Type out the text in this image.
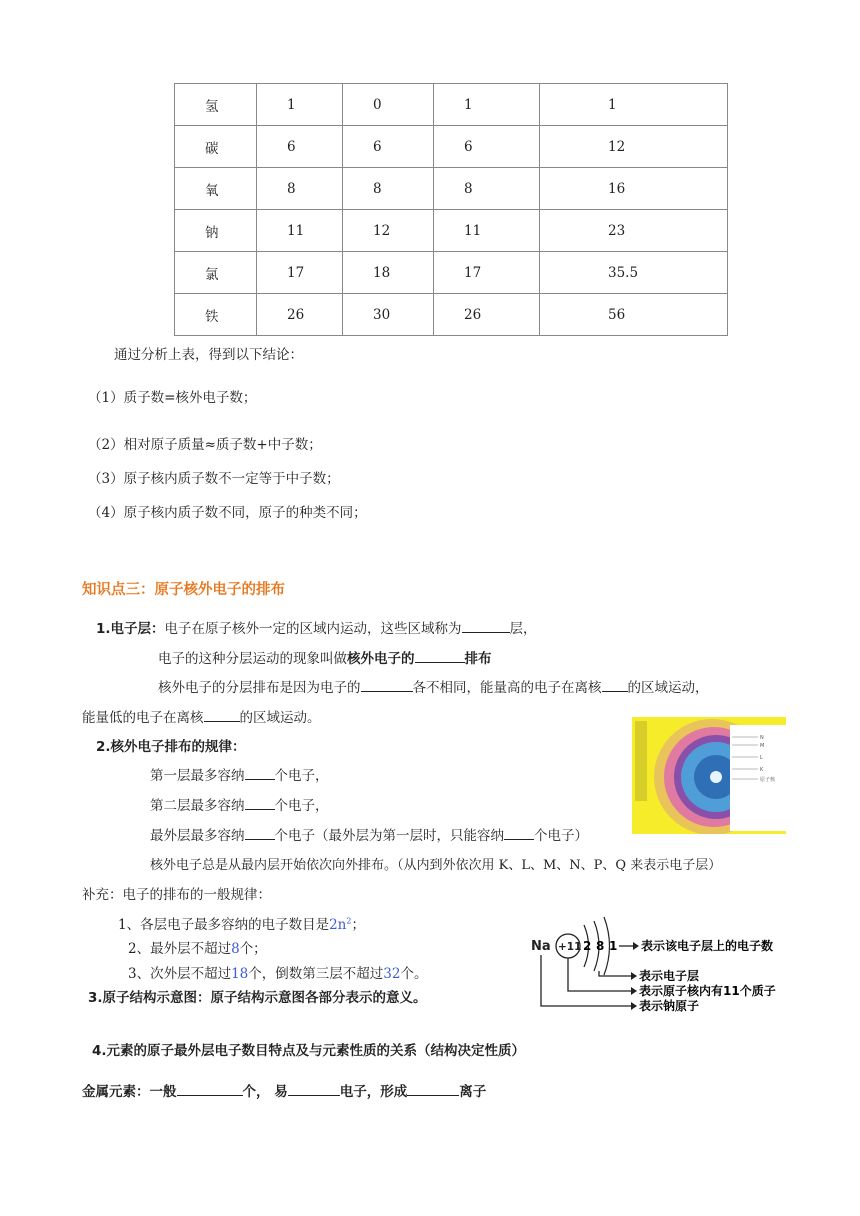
氢	1	0	1	1
碳	6	6	6	12
氧	8	8	8	16
钠	11	12	11	23
氯	17	18	17	35.5
铁	26	30	26	56
通过分析上表，得到以下结论：
（1）质子数=核外电子数；
（2）相对原子质量≈质子数+中子数；
（3）原子核内质子数不一定等于中子数；
（4）原子核内质子数不同，原子的种类不同；
知识点三：原子核外电子的排布
1.电子层：电子在原子核外一定的区域内运动，这些区域称为	层，
电子的这种分层运动的现象叫做核外电子的	排布
核外电子的分层排布是因为电子的	各不相同，能量高的电子在离核 的区域运动，
能量低的电子在离核	的区域运动。
2.核外电子排布的规律：
第一层最多容纳 个电子，
第二层最多容纳 个电子，
最外层最多容纳 个电子（最外层为第一层时，只能容纳 个电子）
核外电子总是从最内层开始依次向外排布。（从内到外依次用 K、L、M、N、P、Q 来表示电子层）
补充：电子的排布的一般规律：
1、各层电子最多容纳的电子数目是$2n^2$；
2、最外层不超过8个；
3、次外层不超过18个，倒数第三层不超过32个。
3.原子结构示意图：原子结构示意图各部分表示的意义。
4.元素的原子最外层电子数目特点及与元素性质的关系（结构决定性质）
金属元素：一般	个， 易	电子，形成	离子
N
M
L
K
原子核
Na +11 2 8 1 表示该电子层上的电子数
表示电子层
表示原子核内有11个质子
表示钠原子
